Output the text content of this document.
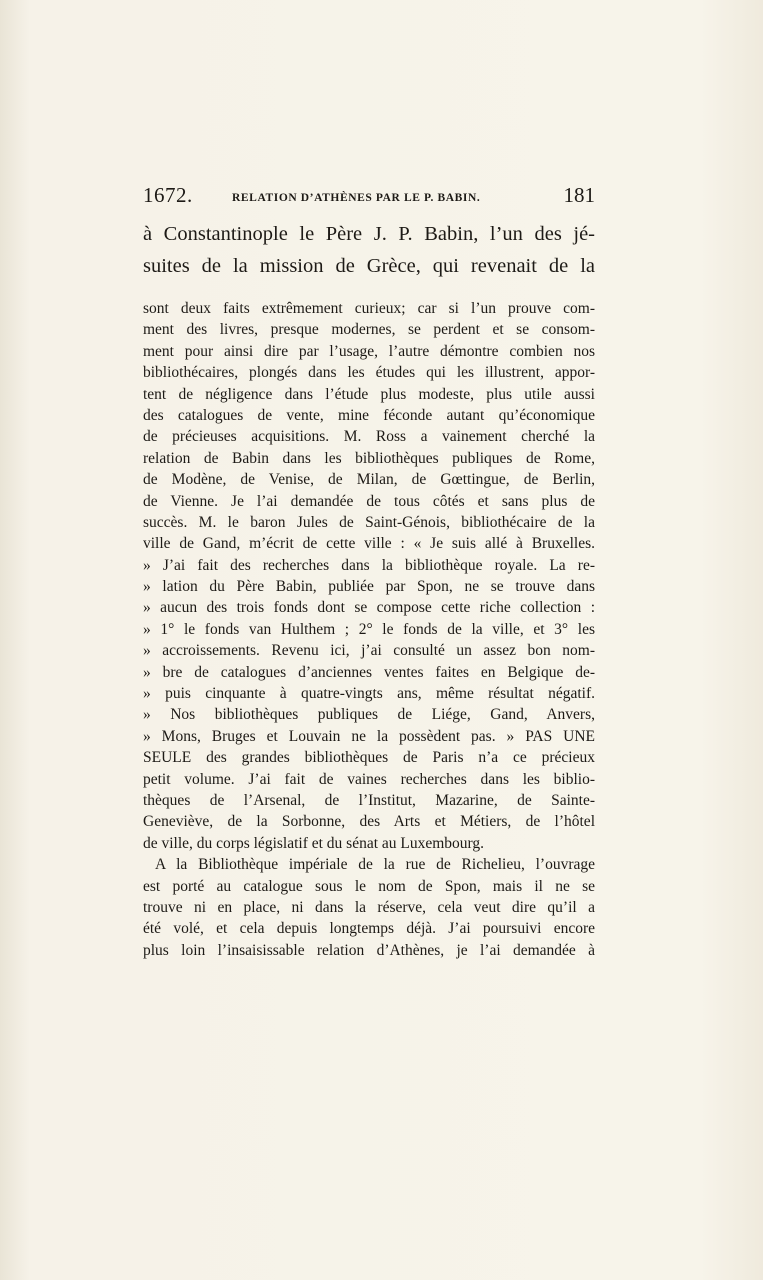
1672.	RELATION D’ATHÈNES PAR LE P. BABIN.	181
à Constantinople le Père J. P. Babin, l’un des jé-
suites de la mission de Grèce, qui revenait de la
sont deux faits extrêmement curieux; car si l’un prouve com-
ment des livres, presque modernes, se perdent et se consom-
ment pour ainsi dire par l’usage, l’autre démontre combien nos
bibliothécaires, plongés dans les études qui les illustrent, appor-
tent de négligence dans l’étude plus modeste, plus utile aussi
des catalogues de vente, mine féconde autant qu’économique
de précieuses acquisitions. M. Ross a vainement cherché la
relation de Babin dans les bibliothèques publiques de Rome,
de Modène, de Venise, de Milan, de Gœttingue, de Berlin,
de Vienne. Je l’ai demandée de tous côtés et sans plus de
succès. M. le baron Jules de Saint-Génois, bibliothécaire de la
ville de Gand, m’écrit de cette ville : « Je suis allé à Bruxelles.
» J’ai fait des recherches dans la bibliothèque royale. La re-
» lation du Père Babin, publiée par Spon, ne se trouve dans
» aucun des trois fonds dont se compose cette riche collection :
» 1° le fonds van Hulthem ; 2° le fonds de la ville, et 3° les
» accroissements. Revenu ici, j’ai consulté un assez bon nom-
» bre de catalogues d’anciennes ventes faites en Belgique de-
» puis cinquante à quatre-vingts ans, même résultat négatif.
» Nos bibliothèques publiques de Liége, Gand, Anvers,
» Mons, Bruges et Louvain ne la possèdent pas. » PAS UNE
SEULE des grandes bibliothèques de Paris n’a ce précieux
petit volume. J’ai fait de vaines recherches dans les biblio-
thèques de l’Arsenal, de l’Institut, Mazarine, de Sainte-
Geneviève, de la Sorbonne, des Arts et Métiers, de l’hôtel
de ville, du corps législatif et du sénat au Luxembourg.
A la Bibliothèque impériale de la rue de Richelieu, l’ouvrage
est porté au catalogue sous le nom de Spon, mais il ne se
trouve ni en place, ni dans la réserve, cela veut dire qu’il a
été volé, et cela depuis longtemps déjà. J’ai poursuivi encore
plus loin l’insaisissable relation d’Athènes, je l’ai demandée à
